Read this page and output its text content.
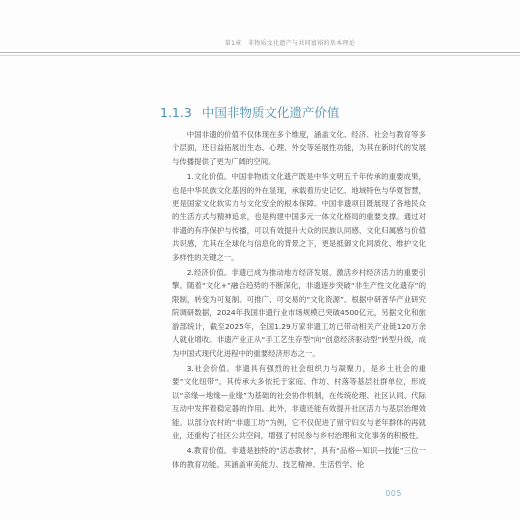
第1章　非物质文化遗产与共同富裕的基本理论
1.1.3 中国非物质文化遗产价值

中国非遗的价值不仅体现在多个维度，涵盖文化、经济、社会与教育等多个层面，还日益拓展出生态、心理、外交等延展性功能，为其在新时代的发展与传播提供了更为广阔的空间。

1.文化价值。中国非物质文化遗产既是中华文明五千年传承的重要成果，也是中华民族文化基因的外在显现，承载着历史记忆、地域特色与华夏智慧，更是国家文化软实力与文化安全的根本保障。中国非遗项目既展现了各地民众的生活方式与精神追求，也是构建中国多元一体文化格局的重要支撑。通过对非遗的有序保护与传播，可以有效提升大众的民族认同感、文化归属感与价值共识感，尤其在全球化与信息化的背景之下，更是抵御文化同质化、维护文化多样性的关键之一。

2.经济价值。非遗已成为推动地方经济发展、激活乡村经济活力的重要引擎。随着“文化+”融合趋势的不断深化，非遗逐步突破“非生产性文化遗存”的限制，转变为可复制、可推广、可交易的“文化资源”。根据中研普华产业研究院调研数据，2024年我国非遗行业市场规模已突破4500亿元，另据文化和旅游部统计，截至2025年，全国1.29万家非遗工坊已带动相关产业链120万余人就业增收。非遗产业正从“手工艺生存型”向“创意经济驱动型”转型升级，成为中国式现代化进程中的重要经济形态之一。

3.社会价值。非遗具有强烈的社会组织力与凝聚力，是乡土社会的重要“文化纽带”。其传承大多依托于家庭、作坊、村落等基层社群单位，形成以“亲缘—地缘—业缘”为基础的社会协作机制，在传统伦理、社区认同、代际互动中发挥着稳定器的作用。此外，非遗还能有效提升社区活力与基层治理效能。以部分农村的“非遗工坊”为例，它不仅促进了留守妇女与老年群体的再就业，还重构了社区公共空间，增强了村民参与乡村治理和文化事务的积极性。

4.教育价值。非遗是独特的“活态教材”，具有“品格—知识—技能”三位一体的教育功能。其涵盖审美能力、技艺精神、生活哲学、伦

005
